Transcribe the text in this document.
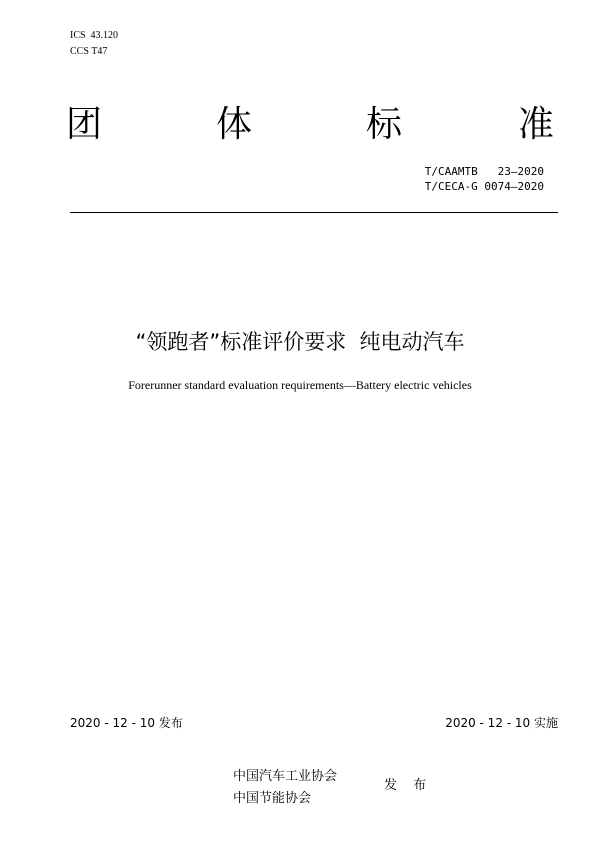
ICS  43.120
CCS T47
团	体	标	准
T/CAAMTB   23—2020
T/CECA-G 0074—2020
“领跑者”标准评价要求  纯电动汽车
Forerunner standard evaluation requirements—Battery electric vehicles
2020 - 12 - 10 发布	2020 - 12 - 10 实施
中国汽车工业协会
中国节能协会
发 布
